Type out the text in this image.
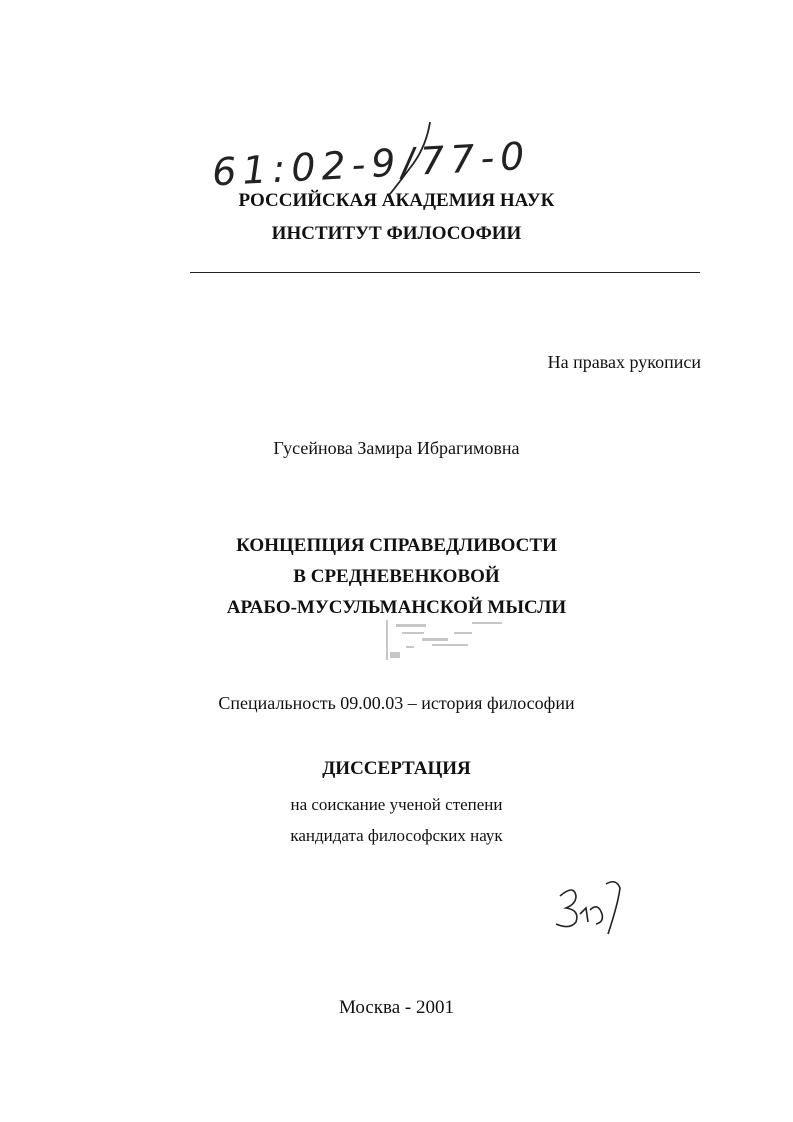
61:02-9/77-0
РОССИЙСКАЯ АКАДЕМИЯ НАУК
ИНСТИТУТ ФИЛОСОФИИ
На правах рукописи
Гусейнова Замира Ибрагимовна
КОНЦЕПЦИЯ СПРАВЕДЛИВОСТИ
В СРЕДНЕВЕНКОВОЙ
АРАБО-МУСУЛЬМАНСКОЙ МЫСЛИ
Специальность 09.00.03 – история философии
ДИССЕРТАЦИЯ
на соискание ученой степени
кандидата философских наук
Москва - 2001
